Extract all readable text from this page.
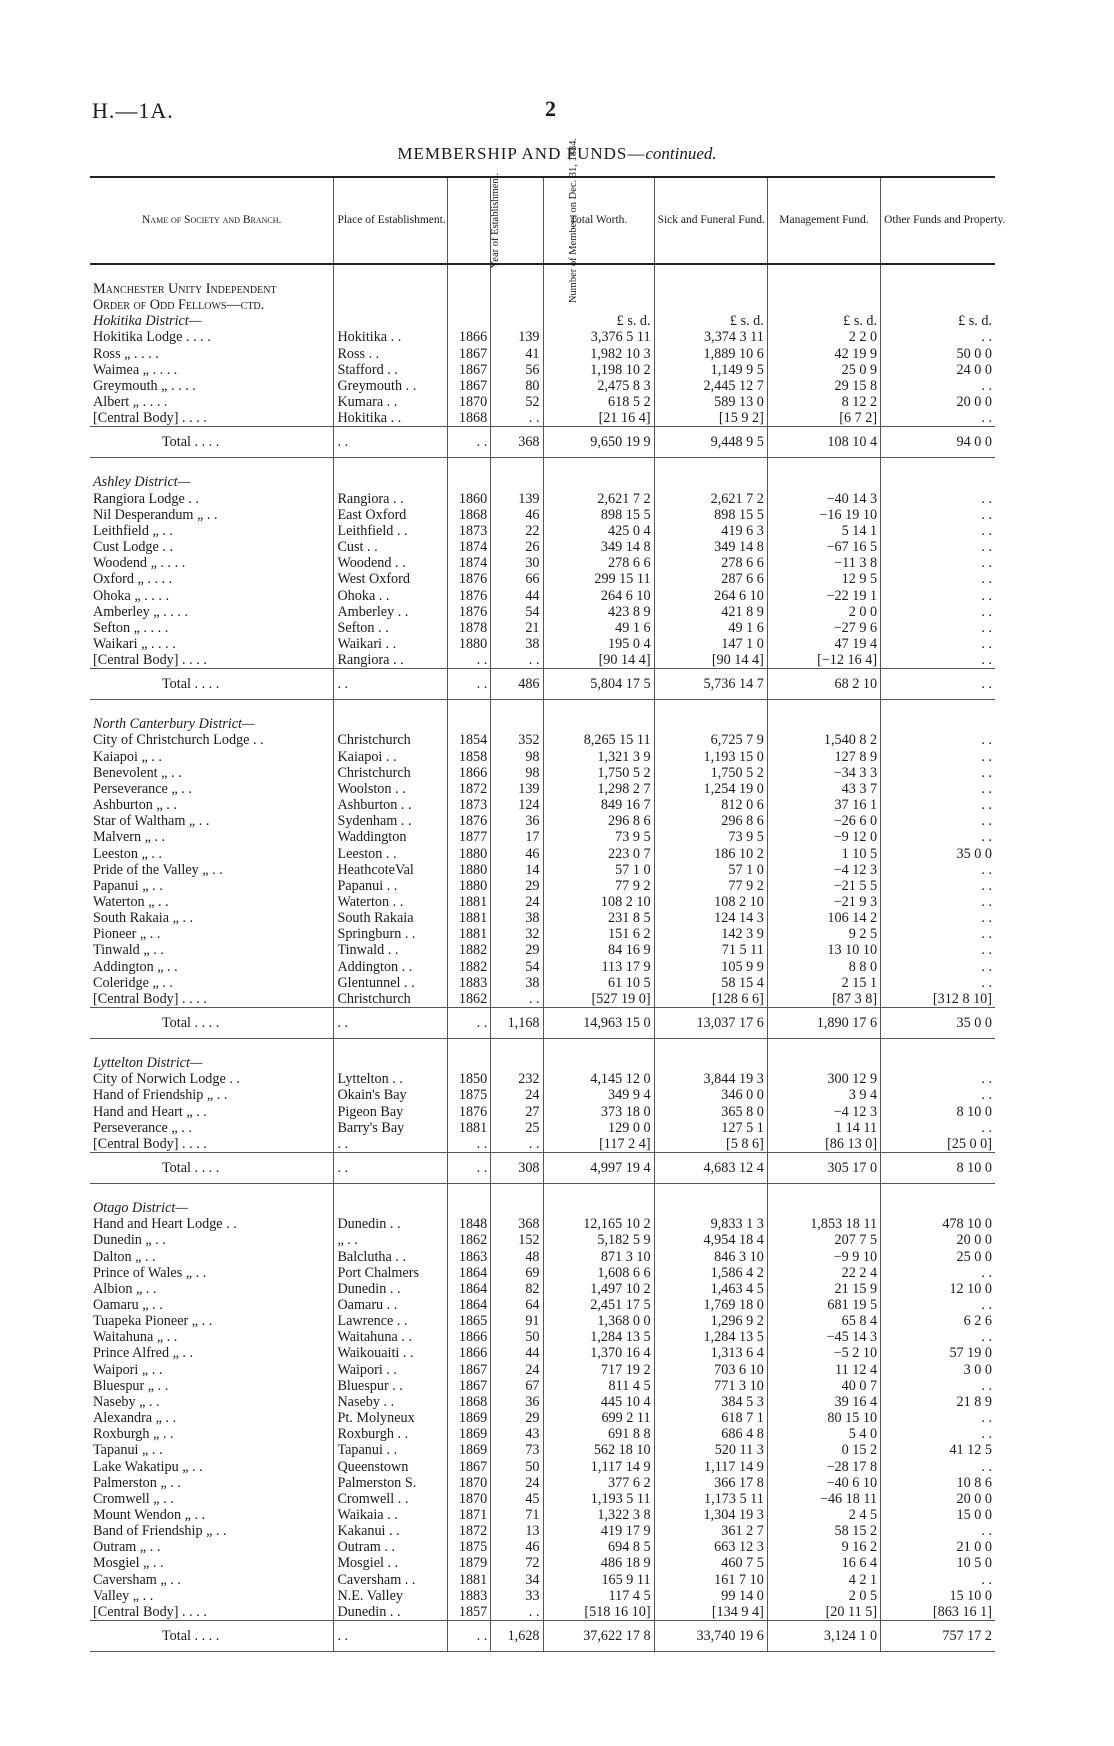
H.—1A.	2
MEMBERSHIP AND FUNDS—continued.
Name of Society and Branch.	Place of Establishment.	Year of Establishment.	Number of Members on Dec. 31, 1884.	Total Worth.	Sick and Funeral Fund.	Management Fund.	Other Funds and Property.

Manchester Unity Independent							
Order of Odd Fellows—ctd.							
Hokitika District—				£ s. d.	£ s. d.	£ s. d.	£ s. d.
Hokitika Lodge . . . .	Hokitika . .	1866	139	3,376 5 11	3,374 3 11	2 2 0	. .
Ross „ . . . .	Ross . .	1867	41	1,982 10 3	1,889 10 6	42 19 9	50 0 0
Waimea „ . . . .	Stafford . .	1867	56	1,198 10 2	1,149 9 5	25 0 9	24 0 0
Greymouth „ . . . .	Greymouth . .	1867	80	2,475 8 3	2,445 12 7	29 15 8	. .
Albert „ . . . .	Kumara . .	1870	52	618 5 2	589 13 0	8 12 2	20 0 0
[Central Body] . . . .	Hokitika . .	1868	. .	[21 16 4]	[15 9 2]	[6 7 2]	. .
Total . . . .	. .	. .	368	9,650 19 9	9,448 9 5	108 10 4	94 0 0

Ashley District—							
Rangiora Lodge . .	Rangiora . .	1860	139	2,621 7 2	2,621 7 2	−40 14 3	. .
Nil Desperandum „ . .	East Oxford	1868	46	898 15 5	898 15 5	−16 19 10	. .
Leithfield „ . .	Leithfield . .	1873	22	425 0 4	419 6 3	5 14 1	. .
Cust Lodge . .	Cust . .	1874	26	349 14 8	349 14 8	−67 16 5	. .
Woodend „ . . . .	Woodend . .	1874	30	278 6 6	278 6 6	−11 3 8	. .
Oxford „ . . . .	West Oxford	1876	66	299 15 11	287 6 6	12 9 5	. .
Ohoka „ . . . .	Ohoka . .	1876	44	264 6 10	264 6 10	−22 19 1	. .
Amberley „ . . . .	Amberley . .	1876	54	423 8 9	421 8 9	2 0 0	. .
Sefton „ . . . .	Sefton . .	1878	21	49 1 6	49 1 6	−27 9 6	. .
Waikari „ . . . .	Waikari . .	1880	38	195 0 4	147 1 0	47 19 4	. .
[Central Body] . . . .	Rangiora . .	. .	. .	[90 14 4]	[90 14 4]	[−12 16 4]	. .
Total . . . .	. .	. .	486	5,804 17 5	5,736 14 7	68 2 10	. .

North Canterbury District—							
City of Christchurch Lodge . .	Christchurch	1854	352	8,265 15 11	6,725 7 9	1,540 8 2	. .
Kaiapoi „ . .	Kaiapoi . .	1858	98	1,321 3 9	1,193 15 0	127 8 9	. .
Benevolent „ . .	Christchurch	1866	98	1,750 5 2	1,750 5 2	−34 3 3	. .
Perseverance „ . .	Woolston . .	1872	139	1,298 2 7	1,254 19 0	43 3 7	. .
Ashburton „ . .	Ashburton . .	1873	124	849 16 7	812 0 6	37 16 1	. .
Star of Waltham „ . .	Sydenham . .	1876	36	296 8 6	296 8 6	−26 6 0	. .
Malvern „ . .	Waddington	1877	17	73 9 5	73 9 5	−9 12 0	. .
Leeston „ . .	Leeston . .	1880	46	223 0 7	186 10 2	1 10 5	35 0 0
Pride of the Valley „ . .	HeathcoteVal	1880	14	57 1 0	57 1 0	−4 12 3	. .
Papanui „ . .	Papanui . .	1880	29	77 9 2	77 9 2	−21 5 5	. .
Waterton „ . .	Waterton . .	1881	24	108 2 10	108 2 10	−21 9 3	. .
South Rakaia „ . .	South Rakaia	1881	38	231 8 5	124 14 3	106 14 2	. .
Pioneer „ . .	Springburn . .	1881	32	151 6 2	142 3 9	9 2 5	. .
Tinwald „ . .	Tinwald . .	1882	29	84 16 9	71 5 11	13 10 10	. .
Addington „ . .	Addington . .	1882	54	113 17 9	105 9 9	8 8 0	. .
Coleridge „ . .	Glentunnel . .	1883	38	61 10 5	58 15 4	2 15 1	. .
[Central Body] . . . .	Christchurch	1862	. .	[527 19 0]	[128 6 6]	[87 3 8]	[312 8 10]
Total . . . .	. .	. .	1,168	14,963 15 0	13,037 17 6	1,890 17 6	35 0 0

Lyttelton District—							
City of Norwich Lodge . .	Lyttelton . .	1850	232	4,145 12 0	3,844 19 3	300 12 9	. .
Hand of Friendship „ . .	Okain's Bay	1875	24	349 9 4	346 0 0	3 9 4	. .
Hand and Heart „ . .	Pigeon Bay	1876	27	373 18 0	365 8 0	−4 12 3	8 10 0
Perseverance „ . .	Barry's Bay	1881	25	129 0 0	127 5 1	1 14 11	. .
[Central Body] . . . .	. .	. .	. .	[117 2 4]	[5 8 6]	[86 13 0]	[25 0 0]
Total . . . .	. .	. .	308	4,997 19 4	4,683 12 4	305 17 0	8 10 0

Otago District—							
Hand and Heart Lodge . .	Dunedin . .	1848	368	12,165 10 2	9,833 1 3	1,853 18 11	478 10 0
Dunedin „ . .	„ . .	1862	152	5,182 5 9	4,954 18 4	207 7 5	20 0 0
Dalton „ . .	Balclutha . .	1863	48	871 3 10	846 3 10	−9 9 10	25 0 0
Prince of Wales „ . .	Port Chalmers	1864	69	1,608 6 6	1,586 4 2	22 2 4	. .
Albion „ . .	Dunedin . .	1864	82	1,497 10 2	1,463 4 5	21 15 9	12 10 0
Oamaru „ . .	Oamaru . .	1864	64	2,451 17 5	1,769 18 0	681 19 5	. .
Tuapeka Pioneer „ . .	Lawrence . .	1865	91	1,368 0 0	1,296 9 2	65 8 4	6 2 6
Waitahuna „ . .	Waitahuna . .	1866	50	1,284 13 5	1,284 13 5	−45 14 3	. .
Prince Alfred „ . .	Waikouaiti . .	1866	44	1,370 16 4	1,313 6 4	−5 2 10	57 19 0
Waipori „ . .	Waipori . .	1867	24	717 19 2	703 6 10	11 12 4	3 0 0
Bluespur „ . .	Bluespur . .	1867	67	811 4 5	771 3 10	40 0 7	. .
Naseby „ . .	Naseby . .	1868	36	445 10 4	384 5 3	39 16 4	21 8 9
Alexandra „ . .	Pt. Molyneux	1869	29	699 2 11	618 7 1	80 15 10	. .
Roxburgh „ . .	Roxburgh . .	1869	43	691 8 8	686 4 8	5 4 0	. .
Tapanui „ . .	Tapanui . .	1869	73	562 18 10	520 11 3	0 15 2	41 12 5
Lake Wakatipu „ . .	Queenstown	1867	50	1,117 14 9	1,117 14 9	−28 17 8	. .
Palmerston „ . .	Palmerston S.	1870	24	377 6 2	366 17 8	−40 6 10	10 8 6
Cromwell „ . .	Cromwell . .	1870	45	1,193 5 11	1,173 5 11	−46 18 11	20 0 0
Mount Wendon „ . .	Waikaia . .	1871	71	1,322 3 8	1,304 19 3	2 4 5	15 0 0
Band of Friendship „ . .	Kakanui . .	1872	13	419 17 9	361 2 7	58 15 2	. .
Outram „ . .	Outram . .	1875	46	694 8 5	663 12 3	9 16 2	21 0 0
Mosgiel „ . .	Mosgiel . .	1879	72	486 18 9	460 7 5	16 6 4	10 5 0
Caversham „ . .	Caversham . .	1881	34	165 9 11	161 7 10	4 2 1	. .
Valley „ . .	N.E. Valley	1883	33	117 4 5	99 14 0	2 0 5	15 10 0
[Central Body] . . . .	Dunedin . .	1857	. .	[518 16 10]	[134 9 4]	[20 11 5]	[863 16 1]
Total . . . .	. .	. .	1,628	37,622 17 8	33,740 19 6	3,124 1 0	757 17 2
